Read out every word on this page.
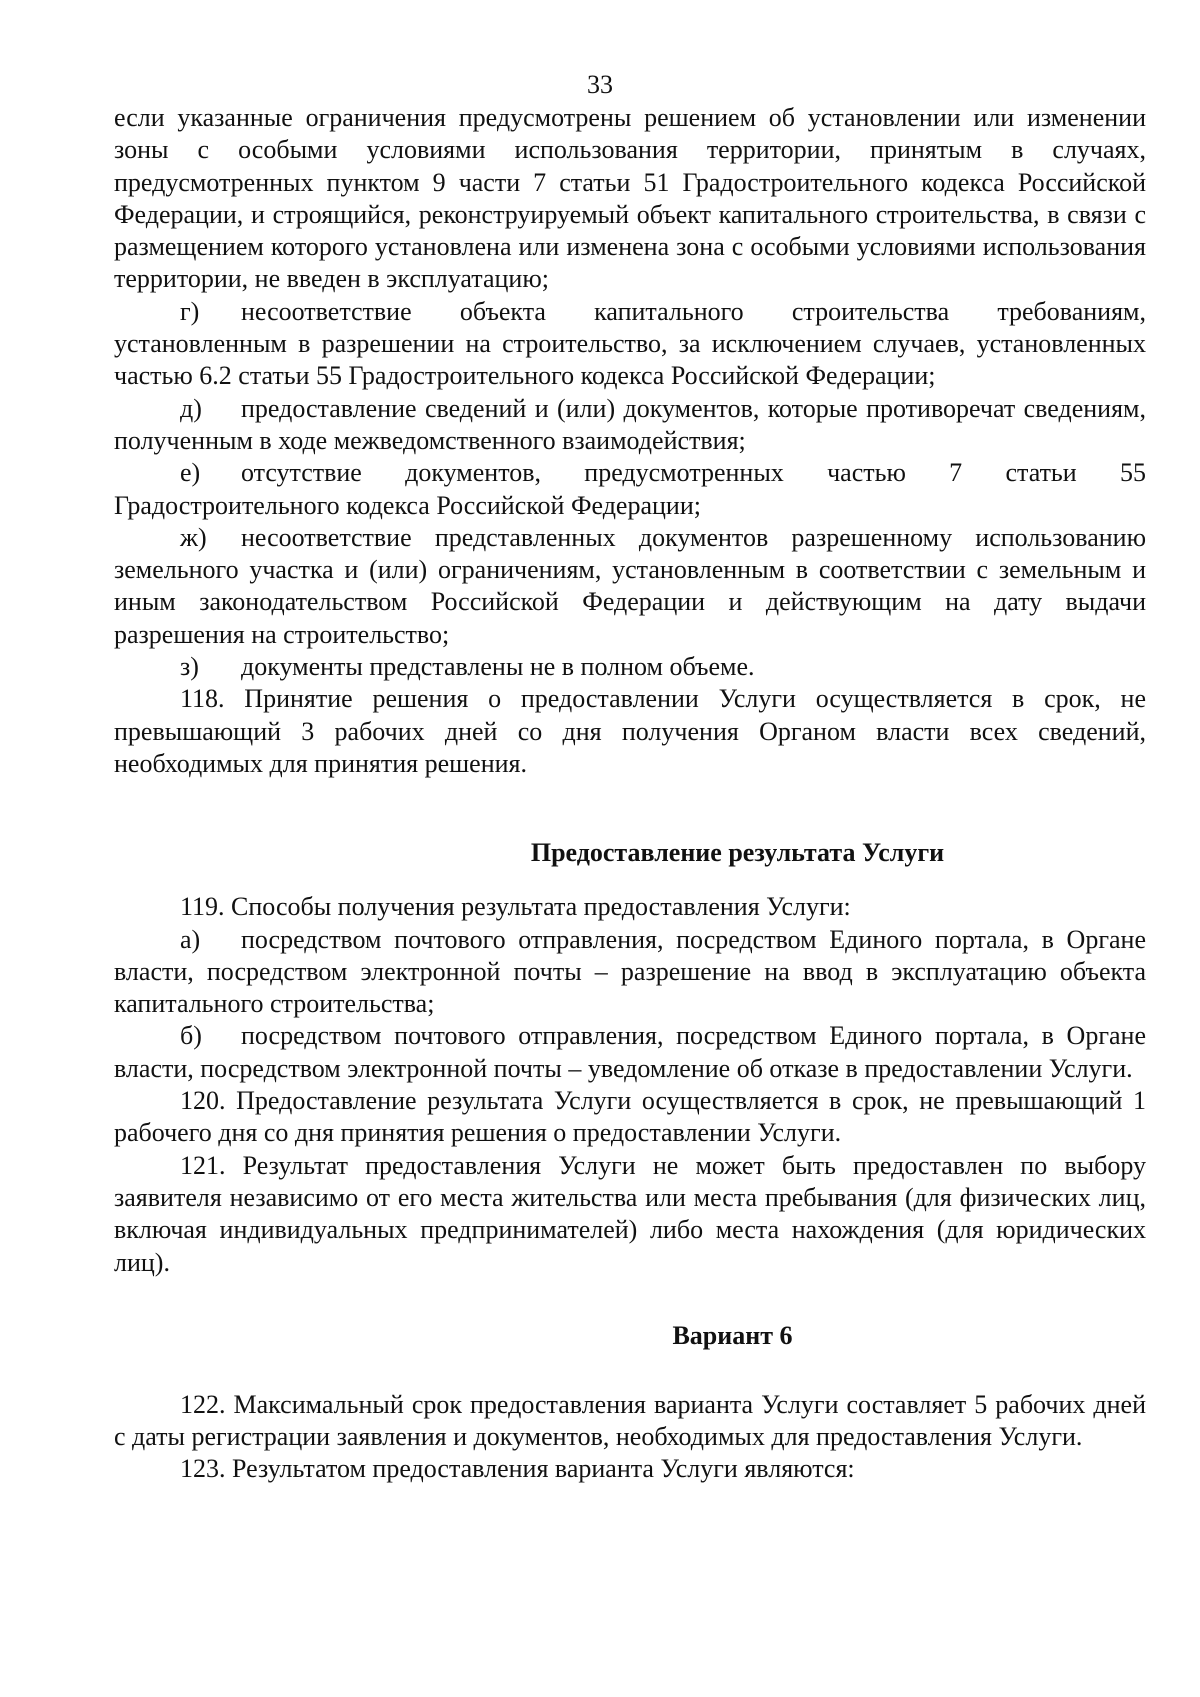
33

если указанные ограничения предусмотрены решением об установлении или изменении зоны с особыми условиями использования территории, принятым в случаях, предусмотренных пунктом 9 части 7 статьи 51 Градостроительного кодекса Российской Федерации, и строящийся, реконструируемый объект капитального строительства, в связи с размещением которого установлена или изменена зона с особыми условиями использования территории, не введен в эксплуатацию;

г) несоответствие объекта капитального строительства требованиям, установленным в разрешении на строительство, за исключением случаев, установленных частью 6.2 статьи 55 Градостроительного кодекса Российской Федерации;

д) предоставление сведений и (или) документов, которые противоречат сведениям, полученным в ходе межведомственного взаимодействия;

е) отсутствие документов, предусмотренных частью 7 статьи 55 Градостроительного кодекса Российской Федерации;

ж) несоответствие представленных документов разрешенному использованию земельного участка и (или) ограничениям, установленным в соответствии с земельным и иным законодательством Российской Федерации и действующим на дату выдачи разрешения на строительство;

з) документы представлены не в полном объеме.

118. Принятие решения о предоставлении Услуги осуществляется в срок, не превышающий 3 рабочих дней со дня получения Органом власти всех сведений, необходимых для принятия решения.

Предоставление результата Услуги

119. Способы получения результата предоставления Услуги:

а) посредством почтового отправления, посредством Единого портала, в Органе власти, посредством электронной почты – разрешение на ввод в эксплуатацию объекта капитального строительства;

б) посредством почтового отправления, посредством Единого портала, в Органе власти, посредством электронной почты – уведомление об отказе в предоставлении Услуги.

120. Предоставление результата Услуги осуществляется в срок, не превышающий 1 рабочего дня со дня принятия решения о предоставлении Услуги.

121. Результат предоставления Услуги не может быть предоставлен по выбору заявителя независимо от его места жительства или места пребывания (для физических лиц, включая индивидуальных предпринимателей) либо места нахождения (для юридических лиц).

Вариант 6

122. Максимальный срок предоставления варианта Услуги составляет 5 рабочих дней с даты регистрации заявления и документов, необходимых для предоставления Услуги.

123. Результатом предоставления варианта Услуги являются:
